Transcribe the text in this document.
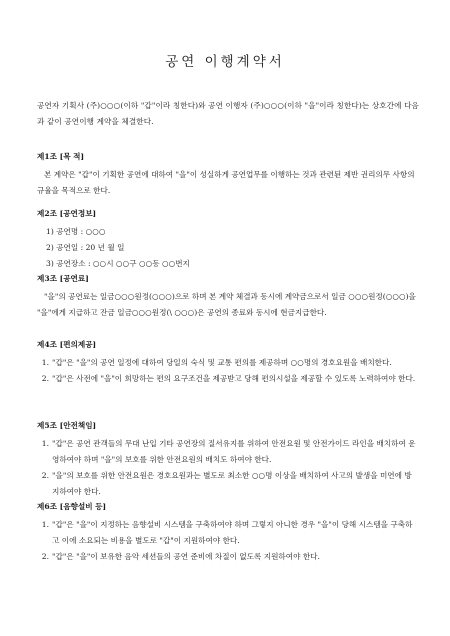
공연 이행계약서
공연자 기획사 (주)○○○(이하 "갑"이라 칭한다)와 공연 이행자 (주)○○○(이하 "을"이라 칭한다)는 상호간에 다음과 같이 공연이행 계약을 체결한다.
제1조 [목 적]
본 계약은 "갑"이 기획한 공연에 대하여 "을"이 성실하게 공연업무를 이행하는 것과 관련된 제반 권리의무 사항의 규율을 목적으로 한다.
제2조 [공연정보]
1) 공연명 : ○○○
2) 공연일 : 20 년 월 일
3) 공연장소 : ○○시 ○○구 ○○동 ○○번지
제3조 [공연료]
"을"의 공연료는 일금○○○원정(○○○)으로 하며 본 계약 체결과 동시에 계약금으로서 일금 ○○○원정(○○○)을 "을"에게 지급하고 잔금 일금○○○원정(\ ○○○)은 공연의 종료와 동시에 현금지급한다.
제4조 [편의제공]
1. "갑"은 "을"의 공연 일정에 대하여 당일의 숙식 및 교통 편의를 제공하며 ○○명의 경호요원을 배치한다.
2. "갑"은 사전에 "을"이 희망하는 편의 요구조건을 제공받고 당해 편의시설을 제공할 수 있도록 노력하여야 한다.
제5조 [안전책임]
1. "갑"은 공연 관객들의 무대 난입 기타 공연장의 질서유지를 위하여 안전요원 및 안전가이드 라인을 배치하여 운영하여야 하며 "을"의 보호를 위한 안전요원의 배치도 하여야 한다.
2. "을"의 보호를 위한 안전요원은 경호요원과는 별도로 최소한 ○○명 이상을 배치하여 사고의 발생을 미연에 방지하여야 한다.
제6조 [음향설비 등]
1. "갑"은 "을"이 지정하는 음향설비 시스템을 구축하여야 하며 그렇지 아니한 경우 "을"이 당해 시스템을 구축하고 이에 소요되는 비용을 별도로 "갑"이 지원하여야 한다.
2. "갑"은 "을"이 보유한 음악 세션들의 공연 준비에 차질이 없도록 지원하여야 한다.
